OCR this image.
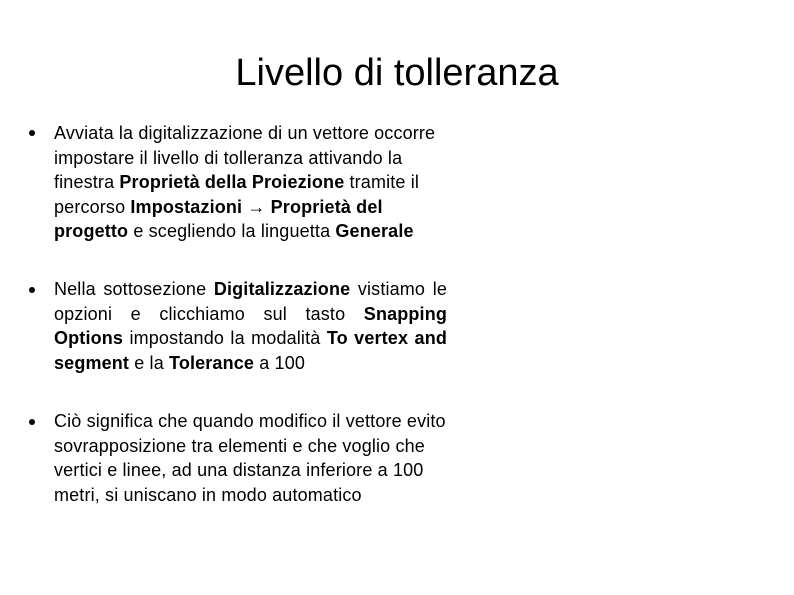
Livello di tolleranza

Avviata la digitalizzazione di un vettore occorre impostare il livello di tolleranza attivando la finestra Proprietà della Proiezione tramite il percorso Impostazioni → Proprietà del progetto e scegliendo la linguetta Generale

Nella sottosezione Digitalizzazione vistiamo le opzioni e clicchiamo sul tasto Snapping Options impostando la modalità To vertex and segment e la Tolerance a 100

Ciò significa che quando modifico il vettore evito sovrapposizione tra elementi e che voglio che vertici e linee, ad una distanza inferiore a 100 metri, si uniscano in modo automatico
